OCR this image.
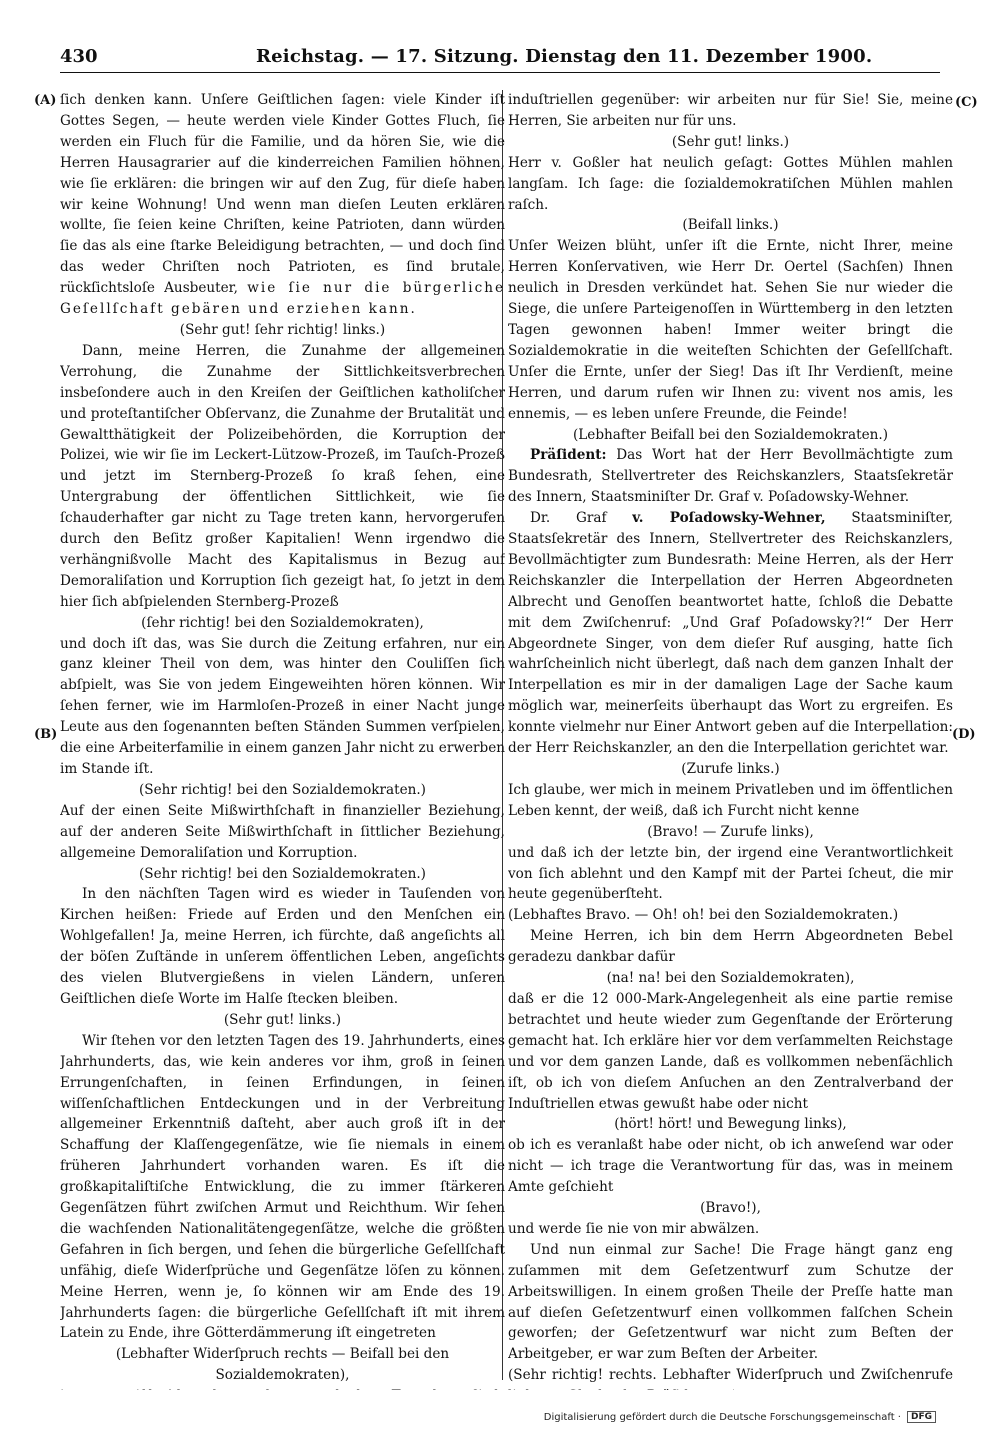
430	Reichstag. — 17. Sitzung. Dienstag den 11. Dezember 1900.
(A)
(B)
(C)
(D)

ſich denken kann. Unſere Geiſtlichen ſagen: viele Kinder iſt Gottes Segen, — heute werden viele Kinder Gottes Fluch, ſie werden ein Fluch für die Familie, und da hören Sie, wie die Herren Hausagrarier auf die kinderreichen Familien höhnen, wie ſie erklären: die bringen wir auf den Zug, für dieſe haben wir keine Wohnung! Und wenn man dieſen Leuten erklären wollte, ſie ſeien keine Chriſten, keine Patrioten, dann würden ſie das als eine ſtarke Beleidigung betrachten, — und doch ſind das weder Chriſten noch Patrioten, es ſind brutale, rückſichtsloſe Ausbeuter, wie ſie nur die bürgerliche Geſellſchaft gebären und erziehen kann.

(Sehr gut! ſehr richtig! links.)

Dann, meine Herren, die Zunahme der allgemeinen Verrohung, die Zunahme der Sittlichkeitsverbrechen insbeſondere auch in den Kreiſen der Geiſtlichen katholiſcher und proteſtantiſcher Obſervanz, die Zunahme der Brutalität und Gewaltthätigkeit der Polizeibehörden, die Korruption der Polizei, wie wir ſie im Leckert-Lützow-Prozeß, im Tauſch-Prozeß und jetzt im Sternberg-Prozeß ſo kraß ſehen, eine Untergrabung der öffentlichen Sittlichkeit, wie ſie ſchauderhafter gar nicht zu Tage treten kann, hervorgerufen durch den Beſitz großer Kapitalien! Wenn irgendwo die verhängnißvolle Macht des Kapitalismus in Bezug auf Demoraliſation und Korruption ſich gezeigt hat, ſo jetzt in dem hier ſich abſpielenden Sternberg-Prozeß

(ſehr richtig! bei den Sozialdemokraten),

und doch iſt das, was Sie durch die Zeitung erfahren, nur ein ganz kleiner Theil von dem, was hinter den Couliſſen ſich abſpielt, was Sie von jedem Eingeweihten hören können. Wir ſehen ferner, wie im Harmloſen-Prozeß in einer Nacht junge Leute aus den ſogenannten beſten Ständen Summen verſpielen, die eine Arbeiterfamilie in einem ganzen Jahr nicht zu erwerben im Stande iſt.

(Sehr richtig! bei den Sozialdemokraten.)

Auf der einen Seite Mißwirthſchaft in finanzieller Beziehung, auf der anderen Seite Mißwirthſchaft in ſittlicher Beziehung, allgemeine Demoraliſation und Korruption.

(Sehr richtig! bei den Sozialdemokraten.)

In den nächſten Tagen wird es wieder in Tauſenden von Kirchen heißen: Friede auf Erden und den Menſchen ein Wohlgefallen! Ja, meine Herren, ich fürchte, daß angeſichts all der böſen Zuſtände in unſerem öffentlichen Leben, angeſichts des vielen Blutvergießens in vielen Ländern, unſeren Geiſtlichen dieſe Worte im Halſe ſtecken bleiben.

(Sehr gut! links.)

Wir ſtehen vor den letzten Tagen des 19. Jahrhunderts, eines Jahrhunderts, das, wie kein anderes vor ihm, groß in ſeinen Errungenſchaften, in ſeinen Erfindungen, in ſeinen wiſſenſchaftlichen Entdeckungen und in der Verbreitung allgemeiner Erkenntniß daſteht, aber auch groß iſt in der Schaffung der Klaſſengegenſätze, wie ſie niemals in einem früheren Jahrhundert vorhanden waren. Es iſt die großkapitaliſtiſche Entwicklung, die zu immer ſtärkeren Gegenſätzen führt zwiſchen Armut und Reichthum. Wir ſehen die wachſenden Nationalitätengegenſätze, welche die größten Gefahren in ſich bergen, und ſehen die bürgerliche Geſellſchaft unfähig, dieſe Widerſprüche und Gegenſätze löſen zu können. Meine Herren, wenn je, ſo können wir am Ende des 19. Jahrhunderts ſagen: die bürgerliche Geſellſchaft iſt mit ihrem Latein zu Ende, ihre Götterdämmerung iſt eingetreten

(Lebhafter Widerſpruch rechts — Beifall bei den Sozialdemokraten),

induſtriellen gegenüber: wir arbeiten nur für Sie! Sie, meine Herren, Sie arbeiten nur für uns.

(Sehr gut! links.)

Herr v. Goßler hat neulich geſagt: Gottes Mühlen mahlen langſam. Ich ſage: die ſozialdemokratiſchen Mühlen mahlen raſch.

(Beifall links.)

Unſer Weizen blüht, unſer iſt die Ernte, nicht Ihrer, meine Herren Konſervativen, wie Herr Dr. Oertel (Sachſen) Ihnen neulich in Dresden verkündet hat. Sehen Sie nur wieder die Siege, die unſere Parteigenoſſen in Württemberg in den letzten Tagen gewonnen haben! Immer weiter bringt die Sozialdemokratie in die weiteſten Schichten der Geſellſchaft. Unſer die Ernte, unſer der Sieg! Das iſt Ihr Verdienſt, meine Herren, und darum rufen wir Ihnen zu: vivent nos amis, les ennemis, — es leben unſere Freunde, die Feinde!

(Lebhafter Beifall bei den Sozialdemokraten.)

Präſident: Das Wort hat der Herr Bevollmächtigte zum Bundesrath, Stellvertreter des Reichskanzlers, Staatsſekretär des Innern, Staatsminiſter Dr. Graf v. Poſadowsky-Wehner.

Dr. Graf v. Poſadowsky-Wehner, Staatsminiſter, Staatsſekretär des Innern, Stellvertreter des Reichskanzlers, Bevollmächtigter zum Bundesrath: Meine Herren, als der Herr Reichskanzler die Interpellation der Herren Abgeordneten Albrecht und Genoſſen beantwortet hatte, ſchloß die Debatte mit dem Zwiſchenruf: „Und Graf Poſadowsky?!“ Der Herr Abgeordnete Singer, von dem dieſer Ruf ausging, hatte ſich wahrſcheinlich nicht überlegt, daß nach dem ganzen Inhalt der Interpellation es mir in der damaligen Lage der Sache kaum möglich war, meinerſeits überhaupt das Wort zu ergreifen. Es konnte vielmehr nur Einer Antwort geben auf die Interpellation: der Herr Reichskanzler, an den die Interpellation gerichtet war.

(Zurufe links.)

Ich glaube, wer mich in meinem Privatleben und im öffentlichen Leben kennt, der weiß, daß ich Furcht nicht kenne

(Bravo! — Zurufe links),

und daß ich der letzte bin, der irgend eine Verantwortlichkeit von ſich ablehnt und den Kampf mit der Partei ſcheut, die mir heute gegenüberſteht.

(Lebhaftes Bravo. — Oh! oh! bei den Sozialdemokraten.)

Meine Herren, ich bin dem Herrn Abgeordneten Bebel geradezu dankbar dafür

(na! na! bei den Sozialdemokraten),

daß er die 12 000-Mark-Angelegenheit als eine partie remise betrachtet und heute wieder zum Gegenſtande der Erörterung gemacht hat. Ich erkläre hier vor dem verſammelten Reichstage und vor dem ganzen Lande, daß es vollkommen nebenſächlich iſt, ob ich von dieſem Anſuchen an den Zentralverband der Induſtriellen etwas gewußt habe oder nicht

(hört! hört! und Bewegung links),

ob ich es veranlaßt habe oder nicht, ob ich anweſend war oder nicht — ich trage die Verantwortung für das, was in meinem Amte geſchieht

(Bravo!),

und werde ſie nie von mir abwälzen.

Und nun einmal zur Sache! Die Frage hängt ganz eng zuſammen mit dem Geſetzentwurf zum Schutze der Arbeitswilligen. In einem großen Theile der Preſſe hatte man auf dieſen Geſetzentwurf einen vollkommen falſchen Schein geworfen; der Geſetzentwurf war nicht zum Beſten der Arbeitgeber, er war zum Beſten der Arbeiter.

(Sehr richtig! rechts. Lebhafter Widerſpruch und Zwiſchenrufe

Digitalisierung gefördert durch die Deutsche Forschungsgemeinschaft ·	DFG
